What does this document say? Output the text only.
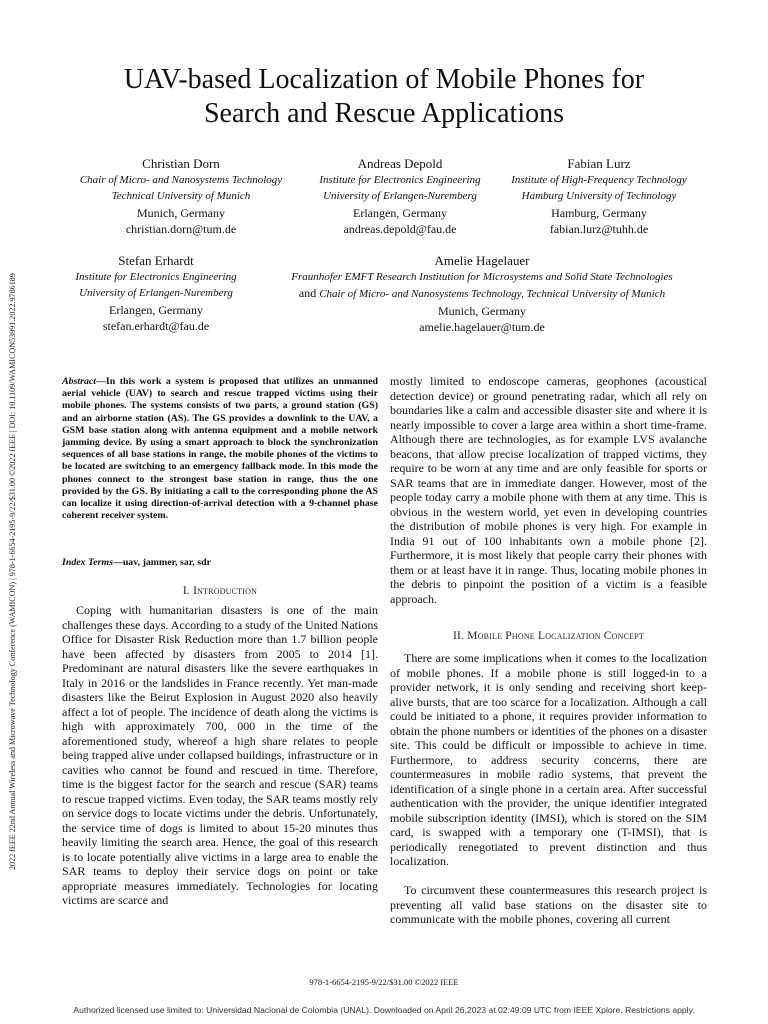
2022 IEEE 22nd Annual Wireless and Microwave Technology Conference (WAMICON) | 978-1-6654-2195-9/22/$31.00 ©2022 IEEE | DOI: 10.1109/WAMICON53991.2022.9786189
UAV-based Localization of Mobile Phones for
Search and Rescue Applications
Christian Dorn
Chair of Micro- and Nanosystems Technology
Technical University of Munich
Munich, Germany
christian.dorn@tum.de
Andreas Depold
Institute for Electronics Engineering
University of Erlangen-Nuremberg
Erlangen, Germany
andreas.depold@fau.de
Fabian Lurz
Institute of High-Frequency Technology
Hamburg University of Technology
Hamburg, Germany
fabian.lurz@tuhh.de
Stefan Erhardt
Institute for Electronics Engineering
University of Erlangen-Nuremberg
Erlangen, Germany
stefan.erhardt@fau.de
Amelie Hagelauer
Fraunhofer EMFT Research Institution for Microsystems and Solid State Technologies
and Chair of Micro- and Nanosystems Technology, Technical University of Munich
Munich, Germany
amelie.hagelauer@tum.de
Abstract—In this work a system is proposed that utilizes an unmanned aerial vehicle (UAV) to search and rescue trapped victims using their mobile phones. The systems consists of two parts, a ground station (GS) and an airborne station (AS). The GS provides a downlink to the UAV, a GSM base station along with antenna equipment and a mobile network jamming device. By using a smart approach to block the synchronization sequences of all base stations in range, the mobile phones of the victims to be located are switching to an emergency fallback mode. In this mode the phones connect to the strongest base station in range, thus the one provided by the GS. By initiating a call to the corresponding phone the AS can localize it using direction-of-arrival detection with a 9-channel phase coherent receiver system.
Index Terms—uav, jammer, sar, sdr
I. Introduction
Coping with humanitarian disasters is one of the main challenges these days. According to a study of the United Nations Office for Disaster Risk Reduction more than 1.7 billion people have been affected by disasters from 2005 to 2014 [1]. Predominant are natural disasters like the severe earthquakes in Italy in 2016 or the landslides in France recently. Yet man-made disasters like the Beirut Explosion in August 2020 also heavily affect a lot of people. The incidence of death along the victims is high with approximately 700, 000 in the time of the aforementioned study, whereof a high share relates to people being trapped alive under collapsed buildings, infrastructure or in cavities who cannot be found and rescued in time. Therefore, time is the biggest factor for the search and rescue (SAR) teams to rescue trapped victims. Even today, the SAR teams mostly rely on service dogs to locate victims under the debris. Unfortunately, the service time of dogs is limited to about 15-20 minutes thus heavily limiting the search area. Hence, the goal of this research is to locate potentially alive victims in a large area to enable the SAR teams to deploy their service dogs on point or take appropriate measures immediately. Technologies for locating victims are scarce and
mostly limited to endoscope cameras, geophones (acoustical detection device) or ground penetrating radar, which all rely on boundaries like a calm and accessible disaster site and where it is nearly impossible to cover a large area within a short time-frame. Although there are technologies, as for example LVS avalanche beacons, that allow precise localization of trapped victims, they require to be worn at any time and are only feasible for sports or SAR teams that are in immediate danger. However, most of the people today carry a mobile phone with them at any time. This is obvious in the western world, yet even in developing countries the distribution of mobile phones is very high. For example in India 91 out of 100 inhabitants own a mobile phone [2]. Furthermore, it is most likely that people carry their phones with them or at least have it in range. Thus, locating mobile phones in the debris to pinpoint the position of a victim is a feasible approach.
II. Mobile Phone Localization Concept
There are some implications when it comes to the localization of mobile phones. If a mobile phone is still logged-in to a provider network, it is only sending and receiving short keep-alive bursts, that are too scarce for a localization. Although a call could be initiated to a phone, it requires provider information to obtain the phone numbers or identities of the phones on a disaster site. This could be difficult or impossible to achieve in time. Furthermore, to address security concerns, there are countermeasures in mobile radio systems, that prevent the identification of a single phone in a certain area. After successful authentication with the provider, the unique identifier integrated mobile subscription identity (IMSI), which is stored on the SIM card, is swapped with a temporary one (T-IMSI), that is periodically renegotiated to prevent distinction and thus localization.
To circumvent these countermeasures this research project is preventing all valid base stations on the disaster site to communicate with the mobile phones, covering all current
978-1-6654-2195-9/22/$31.00 ©2022 IEEE
Authorized licensed use limited to: Universidad Nacional de Colombia (UNAL). Downloaded on April 26,2023 at 02:49:09 UTC from IEEE Xplore. Restrictions apply.
